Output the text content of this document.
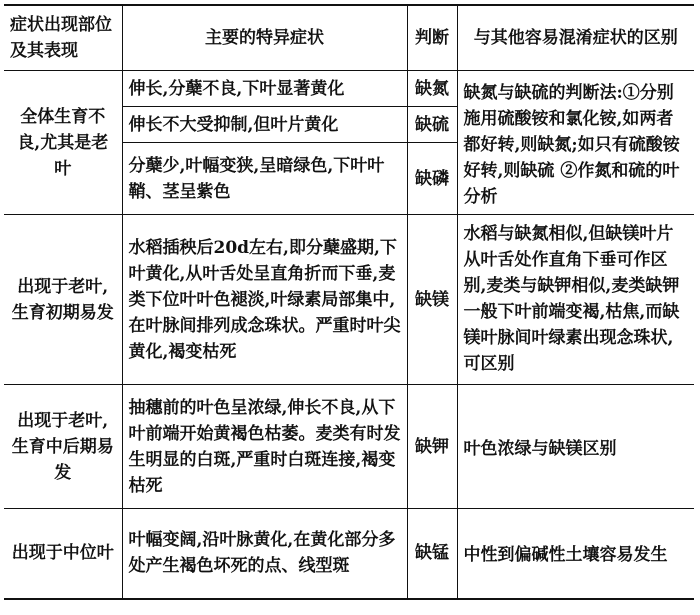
症状出现部位及其表现	主要的特异症状	判断	与其他容易混淆症状的区别
全体生育不良,尤其是老叶	伸长,分蘖不良,下叶显著黄化	缺氮	缺氮与缺硫的判断法:①分别施用硫酸铵和氯化铵,如两者都好转,则缺氮;如只有硫酸铵好转,则缺硫 ②作氮和硫的叶分析
	伸长不大受抑制,但叶片黄化	缺硫	
	分蘖少,叶幅变狭,呈暗绿色,下叶叶鞘、茎呈紫色	缺磷	
出现于老叶,生育初期易发	水稻插秧后20d左右,即分蘖盛期,下叶黄化,从叶舌处呈直角折而下垂,麦类下位叶叶色褪淡,叶绿素局部集中,在叶脉间排列成念珠状。严重时叶尖黄化,褐变枯死	缺镁	水稻与缺氮相似,但缺镁叶片从叶舌处作直角下垂可作区别,麦类与缺钾相似,麦类缺钾一般下叶前端变褐,枯焦,而缺镁叶脉间叶绿素出现念珠状,可区别
出现于老叶,生育中后期易发	抽穗前的叶色呈浓绿,伸长不良,从下叶前端开始黄褐色枯萎。麦类有时发生明显的白斑,严重时白斑连接,褐变枯死	缺钾	叶色浓绿与缺镁区别
出现于中位叶	叶幅变阔,沿叶脉黄化,在黄化部分多处产生褐色坏死的点、线型斑	缺锰	中性到偏碱性土壤容易发生
